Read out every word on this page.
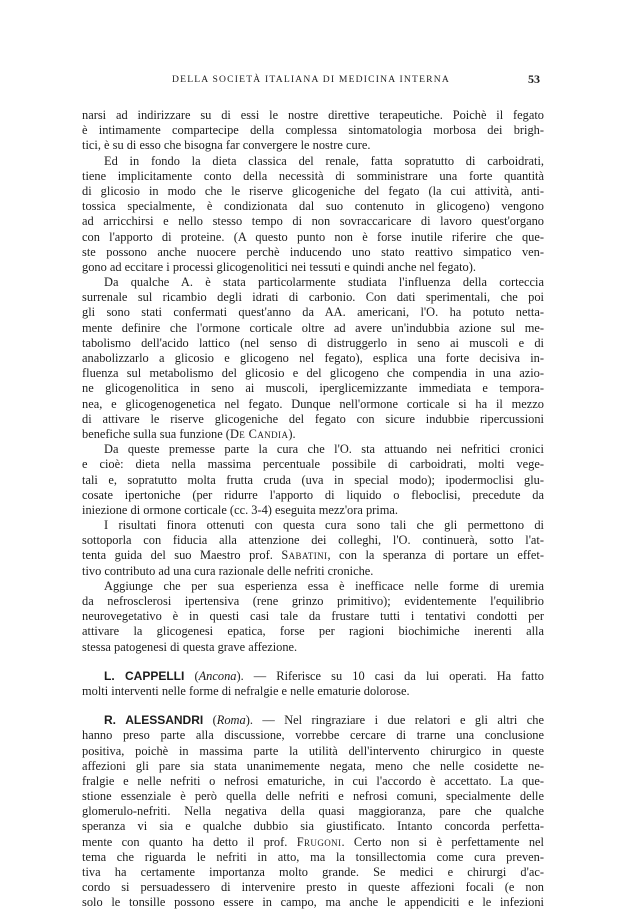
DELLA SOCIETÀ ITALIANA DI MEDICINA INTERNA	53
narsi ad indirizzare su di essi le nostre direttive terapeutiche. Poichè il fegato
è intimamente compartecipe della complessa sintomatologia morbosa dei brigh-
tici, è su di esso che bisogna far convergere le nostre cure.
Ed in fondo la dieta classica del renale, fatta sopratutto di carboidrati,
tiene implicitamente conto della necessità di somministrare una forte quantità
di glicosio in modo che le riserve glicogeniche del fegato (la cui attività, anti-
tossica specialmente, è condizionata dal suo contenuto in glicogeno) vengono
ad arricchirsi e nello stesso tempo di non sovraccaricare di lavoro quest'organo
con l'apporto di proteine. (A questo punto non è forse inutile riferire che que-
ste possono anche nuocere perchè inducendo uno stato reattivo simpatico ven-
gono ad eccitare i processi glicogenolitici nei tessuti e quindi anche nel fegato).
Da qualche A. è stata particolarmente studiata l'influenza della corteccia
surrenale sul ricambio degli idrati di carbonio. Con dati sperimentali, che poi
gli sono stati confermati quest'anno da AA. americani, l'O. ha potuto netta-
mente definire che l'ormone corticale oltre ad avere un'indubbia azione sul me-
tabolismo dell'acido lattico (nel senso di distruggerlo in seno ai muscoli e di
anabolizzarlo a glicosio e glicogeno nel fegato), esplica una forte decisiva in-
fluenza sul metabolismo del glicosio e del glicogeno che compendia in una azio-
ne glicogenolitica in seno ai muscoli, iperglicemizzante immediata e tempora-
nea, e glicogenogenetica nel fegato. Dunque nell'ormone corticale si ha il mezzo
di attivare le riserve glicogeniche del fegato con sicure indubbie ripercussioni
benefiche sulla sua funzione (De Candia).
Da queste premesse parte la cura che l'O. sta attuando nei nefritici cronici
e cioè: dieta nella massima percentuale possibile di carboidrati, molti vege-
tali e, sopratutto molta frutta cruda (uva in special modo); ipodermoclisi glu-
cosate ipertoniche (per ridurre l'apporto di liquido o fleboclisi, precedute da
iniezione di ormone corticale (cc. 3-4) eseguita mezz'ora prima.
I risultati finora ottenuti con questa cura sono tali che gli permettono di
sottoporla con fiducia alla attenzione dei colleghi, l'O. continuerà, sotto l'at-
tenta guida del suo Maestro prof. Sabatini, con la speranza di portare un effet-
tivo contributo ad una cura razionale delle nefriti croniche.
Aggiunge che per sua esperienza essa è inefficace nelle forme di uremia
da nefrosclerosi ipertensiva (rene grinzo primitivo); evidentemente l'equilibrio
neurovegetativo è in questi casi tale da frustare tutti i tentativi condotti per
attivare la glicogenesi epatica, forse per ragioni biochimiche inerenti alla
stessa patogenesi di questa grave affezione.
L. CAPPELLI (Ancona). — Riferisce su 10 casi da lui operati. Ha fatto
molti interventi nelle forme di nefralgie e nelle ematurie dolorose.
R. ALESSANDRI (Roma). — Nel ringraziare i due relatori e gli altri che
hanno preso parte alla discussione, vorrebbe cercare di trarne una conclusione
positiva, poichè in massima parte la utilità dell'intervento chirurgico in queste
affezioni gli pare sia stata unanimemente negata, meno che nelle cosidette ne-
fralgie e nelle nefriti o nefrosi ematuriche, in cui l'accordo è accettato. La que-
stione essenziale è però quella delle nefriti e nefrosi comuni, specialmente delle
glomerulo-nefriti. Nella negativa della quasi maggioranza, pare che qualche
speranza vi sia e qualche dubbio sia giustificato. Intanto concorda perfetta-
mente con quanto ha detto il prof. Frugoni. Certo non si è perfettamente nel
tema che riguarda le nefriti in atto, ma la tonsillectomia come cura preven-
tiva ha certamente importanza molto grande. Se medici e chirurgi d'ac-
cordo si persuadessero di intervenire presto in queste affezioni focali (e non
solo le tonsille possono essere in campo, ma anche le appendiciti e le infezioni
